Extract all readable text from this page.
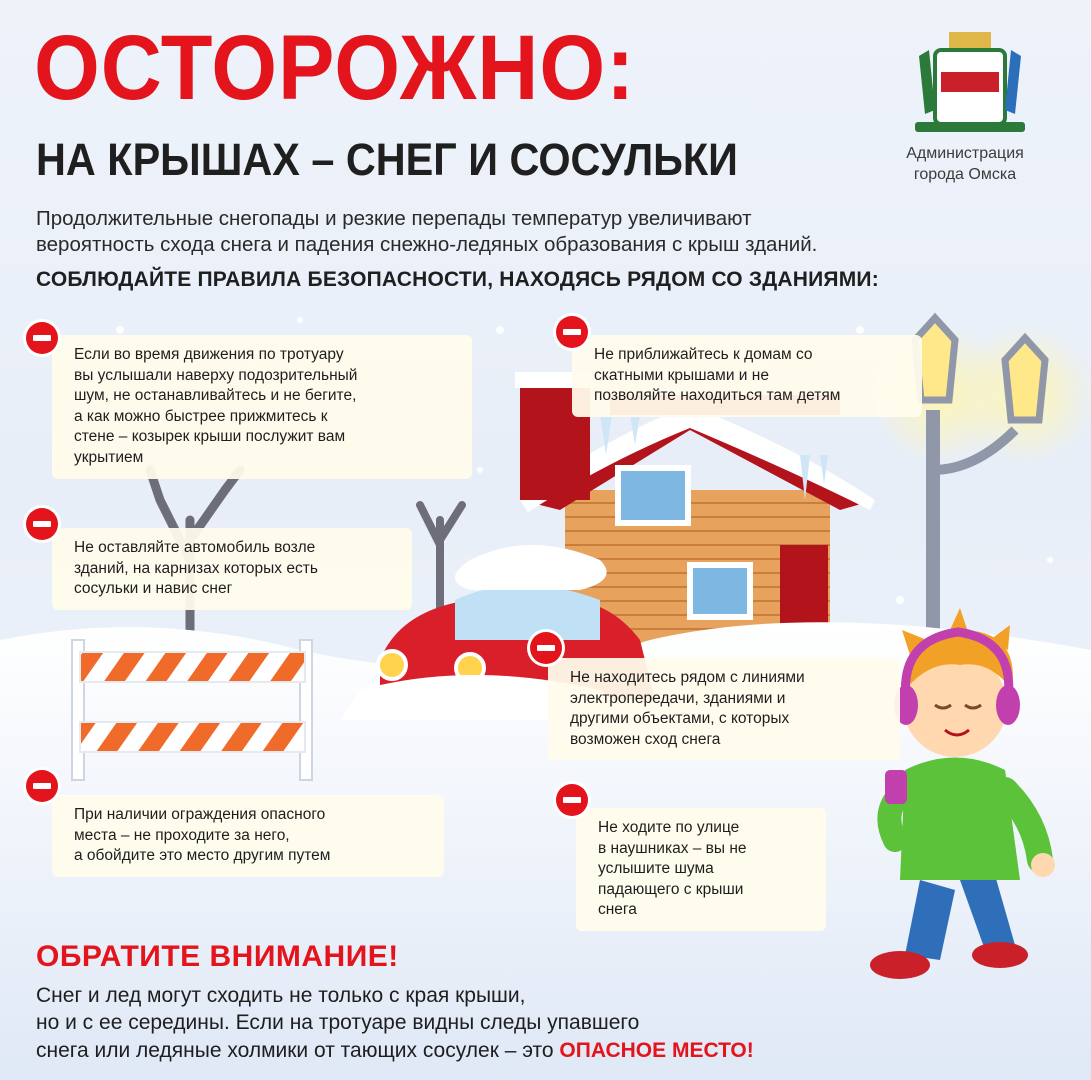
ОСТОРОЖНО:
НА КРЫШАХ – СНЕГ И СОСУЛЬКИ	Администрация
города Омска
Продолжительные снегопады и резкие перепады температур увеличивают
вероятность схода снега и падения снежно-ледяных образования с крыш зданий.
СОБЛЮДАЙТЕ ПРАВИЛА БЕЗОПАСНОСТИ, НАХОДЯСЬ РЯДОМ СО ЗДАНИЯМИ:
Если во время движения по тротуару
вы услышали наверху подозрительный
шум, не останавливайтесь и не бегите,
а как можно быстрее прижмитесь к
стене – козырек крыши послужит вам
укрытием
Не приближайтесь к домам со
скатными крышами и не
позволяйте находиться там детям
Не оставляйте автомобиль возле
зданий, на карнизах которых есть
сосульки и навис снег
Не находитесь рядом с линиями
электропередачи, зданиями и
другими объектами, с которых
возможен сход снега
При наличии ограждения опасного
места – не проходите за него,
а обойдите это место другим путем
Не ходите по улице
в наушниках – вы не
услышите шума
падающего с крыши
снега
ОБРАТИТЕ ВНИМАНИЕ!
Снег и лед могут сходить не только с края крыши,
но и с ее середины. Если на тротуаре видны следы упавшего
снега или ледяные холмики от тающих сосулек – это ОПАСНОЕ МЕСТО!
